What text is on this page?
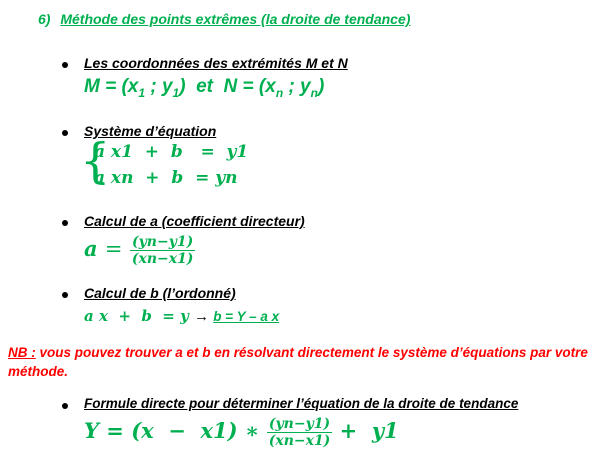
6) Méthode des points extrêmes (la droite de tendance)
Les coordonnées des extrémités M et N
$M = (x_1$ ; $y_1$)  et  $N = (x_n$ ; $y_n$)
Système d’équation
{
a x1  +  b   =  y1
a xn  +  b  = yn
Calcul de a (coefficient directeur)
$a = \frac{(yn-y1)}{(xn-x1)}$
Calcul de b (l’ordonné)
a x  +  b  = y → b = Y – a x
NB : vous pouvez trouver a et b en résolvant directement le système d’équations par votre méthode.
Formule directe pour déterminer l’équation de la droite de tendance
Y = (x  −  x1) ∗ $\frac{(yn-y1)}{(xn-x1)} + y1$
